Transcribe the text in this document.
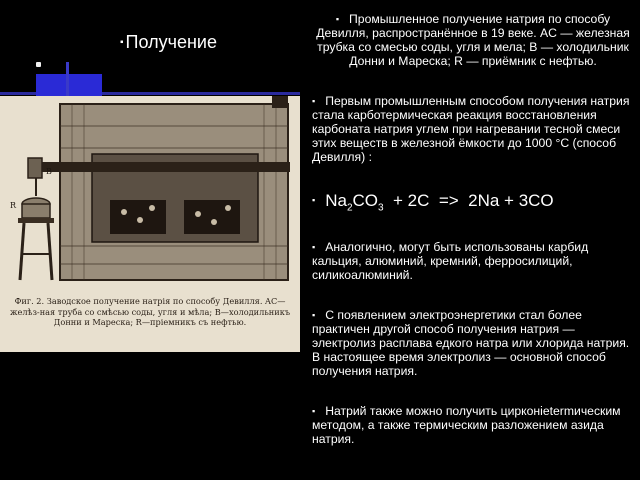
▪ Получение
B
R
Фиг. 2. Заводское получение натрія по способу Девилля. AC—желѣз-ная труба со смѣсью соды, угля и мѣла; B—холодильникъ Донни и Мареска; R—пріемникъ съ нефтью.

▪ Промышленное получение натрия по способу Девилля, распространённое в 19 веке. AC — железная трубка со смесью соды, угля и мела; B — холодильник Донни и Мареска; R — приёмник с нефтью.

▪ Первым промышленным способом получения натрия стала карботермическая реакция восстановления карбоната натрия углем при нагревании тесной смеси этих веществ в железной ёмкости до 1000 °C (способ Девилля) :

▪ $Na_2CO_3 + 2C => 2Na + 3CO$

▪ Аналогично, могут быть использованы карбид кальция, алюминий, кремний, ферросилиций, силикоалюминий.

▪ С появлением электроэнергетики стал более практичен другой способ получения натрия — электролиз расплава едкого натра или хлорида натрия. В настоящее время электролиз — основной способ получения натрия.

▪ Натрий также можно получить цирконietermическим методом, а также термическим разложением азида натрия.
